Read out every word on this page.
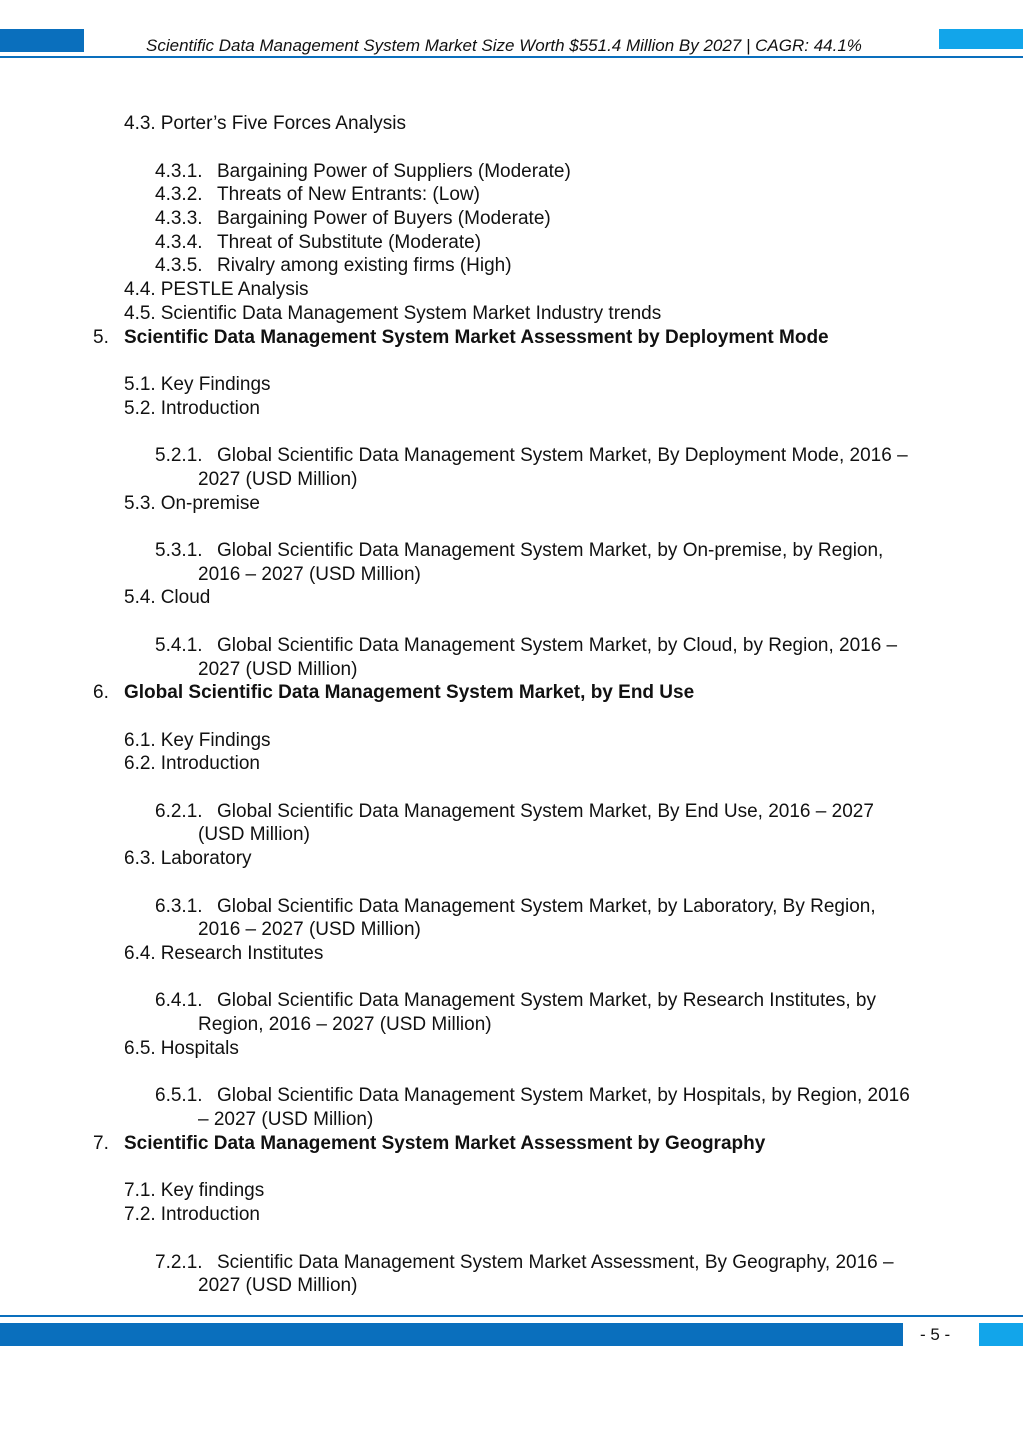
Scientific Data Management System Market Size Worth $551.4 Million By 2027 | CAGR: 44.1%
4.3. Porter’s Five Forces Analysis
4.3.1. Bargaining Power of Suppliers (Moderate)
4.3.2. Threats of New Entrants: (Low)
4.3.3. Bargaining Power of Buyers (Moderate)
4.3.4. Threat of Substitute (Moderate)
4.3.5. Rivalry among existing firms (High)
4.4. PESTLE Analysis
4.5. Scientific Data Management System Market Industry trends
5. Scientific Data Management System Market Assessment by Deployment Mode
5.1. Key Findings
5.2. Introduction
5.2.1. Global Scientific Data Management System Market, By Deployment Mode, 2016 –
2027 (USD Million)
5.3. On-premise
5.3.1. Global Scientific Data Management System Market, by On-premise, by Region,
2016 – 2027 (USD Million)
5.4. Cloud
5.4.1. Global Scientific Data Management System Market, by Cloud, by Region, 2016 –
2027 (USD Million)
6. Global Scientific Data Management System Market, by End Use
6.1. Key Findings
6.2. Introduction
6.2.1. Global Scientific Data Management System Market, By End Use, 2016 – 2027
(USD Million)
6.3. Laboratory
6.3.1. Global Scientific Data Management System Market, by Laboratory, By Region,
2016 – 2027 (USD Million)
6.4. Research Institutes
6.4.1. Global Scientific Data Management System Market, by Research Institutes, by
Region, 2016 – 2027 (USD Million)
6.5. Hospitals
6.5.1. Global Scientific Data Management System Market, by Hospitals, by Region, 2016
– 2027 (USD Million)
7. Scientific Data Management System Market Assessment by Geography
7.1. Key findings
7.2. Introduction
7.2.1. Scientific Data Management System Market Assessment, By Geography, 2016 –
2027 (USD Million)
- 5 -
